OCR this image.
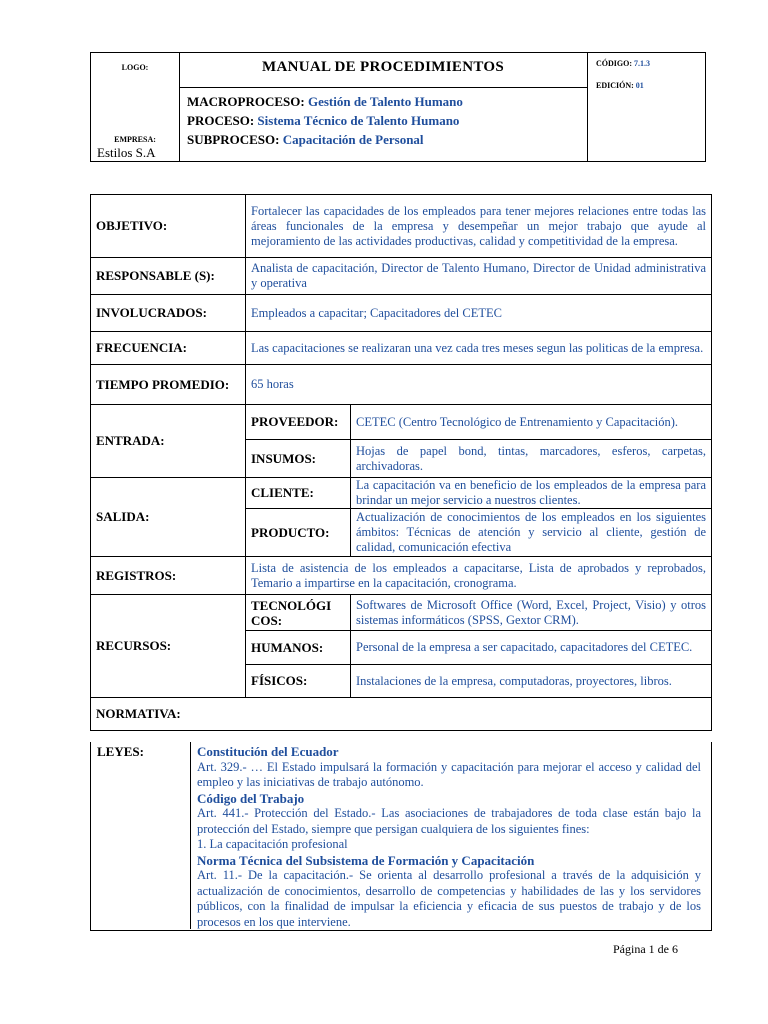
LOGO:
EMPRESA:
Estilos S.A
MANUAL DE PROCEDIMIENTOS
MACROPROCESO: Gestión de Talento Humano
PROCESO: Sistema Técnico de Talento Humano
SUBPROCESO: Capacitación de Personal
CÓDIGO: 7.1.3
EDICIÓN: 01
OBJETIVO:	Fortalecer las capacidades de los empleados para tener mejores relaciones entre todas las áreas funcionales de la empresa y desempeñar un mejor trabajo que ayude al mejoramiento de las actividades productivas, calidad y competitividad de la empresa.	
RESPONSABLE (S):	Analista de capacitación, Director de Talento Humano, Director de Unidad administrativa y operativa	
INVOLUCRADOS:	Empleados a capacitar; Capacitadores del CETEC	
FRECUENCIA:	Las capacitaciones se realizaran una vez cada tres meses segun las politicas de la empresa.	
TIEMPO PROMEDIO:	65 horas	
ENTRADA:	PROVEEDOR:	CETEC (Centro Tecnológico de Entrenamiento y Capacitación).
	INSUMOS:	Hojas de papel bond, tintas, marcadores, esferos, carpetas, archivadoras.
SALIDA:	CLIENTE:	La capacitación va en beneficio de los empleados de la empresa para brindar un mejor servicio a nuestros clientes.
	PRODUCTO:	Actualización de conocimientos de los empleados en los siguientes ámbitos: Técnicas de atención y servicio al cliente, gestión de calidad, comunicación efectiva
REGISTROS:	Lista de asistencia de los empleados a capacitarse, Lista de aprobados y reprobados, Temario a impartirse en la capacitación, cronograma.	
RECURSOS:	TECNOLÓGI COS:	Softwares de Microsoft Office (Word, Excel, Project, Visio) y otros sistemas informáticos (SPSS, Gextor CRM).
	HUMANOS:	Personal de la empresa a ser capacitado, capacitadores del CETEC.
	FÍSICOS:	Instalaciones de la empresa, computadoras, proyectores, libros.
NORMATIVA:		
LEYES:	Constitución del Ecuador
Art. 329.- … El Estado impulsará la formación y capacitación para mejorar el acceso y calidad del empleo y las iniciativas de trabajo autónomo.
Código del Trabajo
Art. 441.- Protección del Estado.- Las asociaciones de trabajadores de toda clase están bajo la protección del Estado, siempre que persigan cualquiera de los siguientes fines:
1. La capacitación profesional
Norma Técnica del Subsistema de Formación y Capacitación
Art. 11.- De la capacitación.- Se orienta al desarrollo profesional a través de la adquisición y actualización de conocimientos, desarrollo de competencias y habilidades de las y los servidores públicos, con la finalidad de impulsar la eficiencia y eficacia de sus puestos de trabajo y de los procesos en los que interviene.
Página 1 de 6
